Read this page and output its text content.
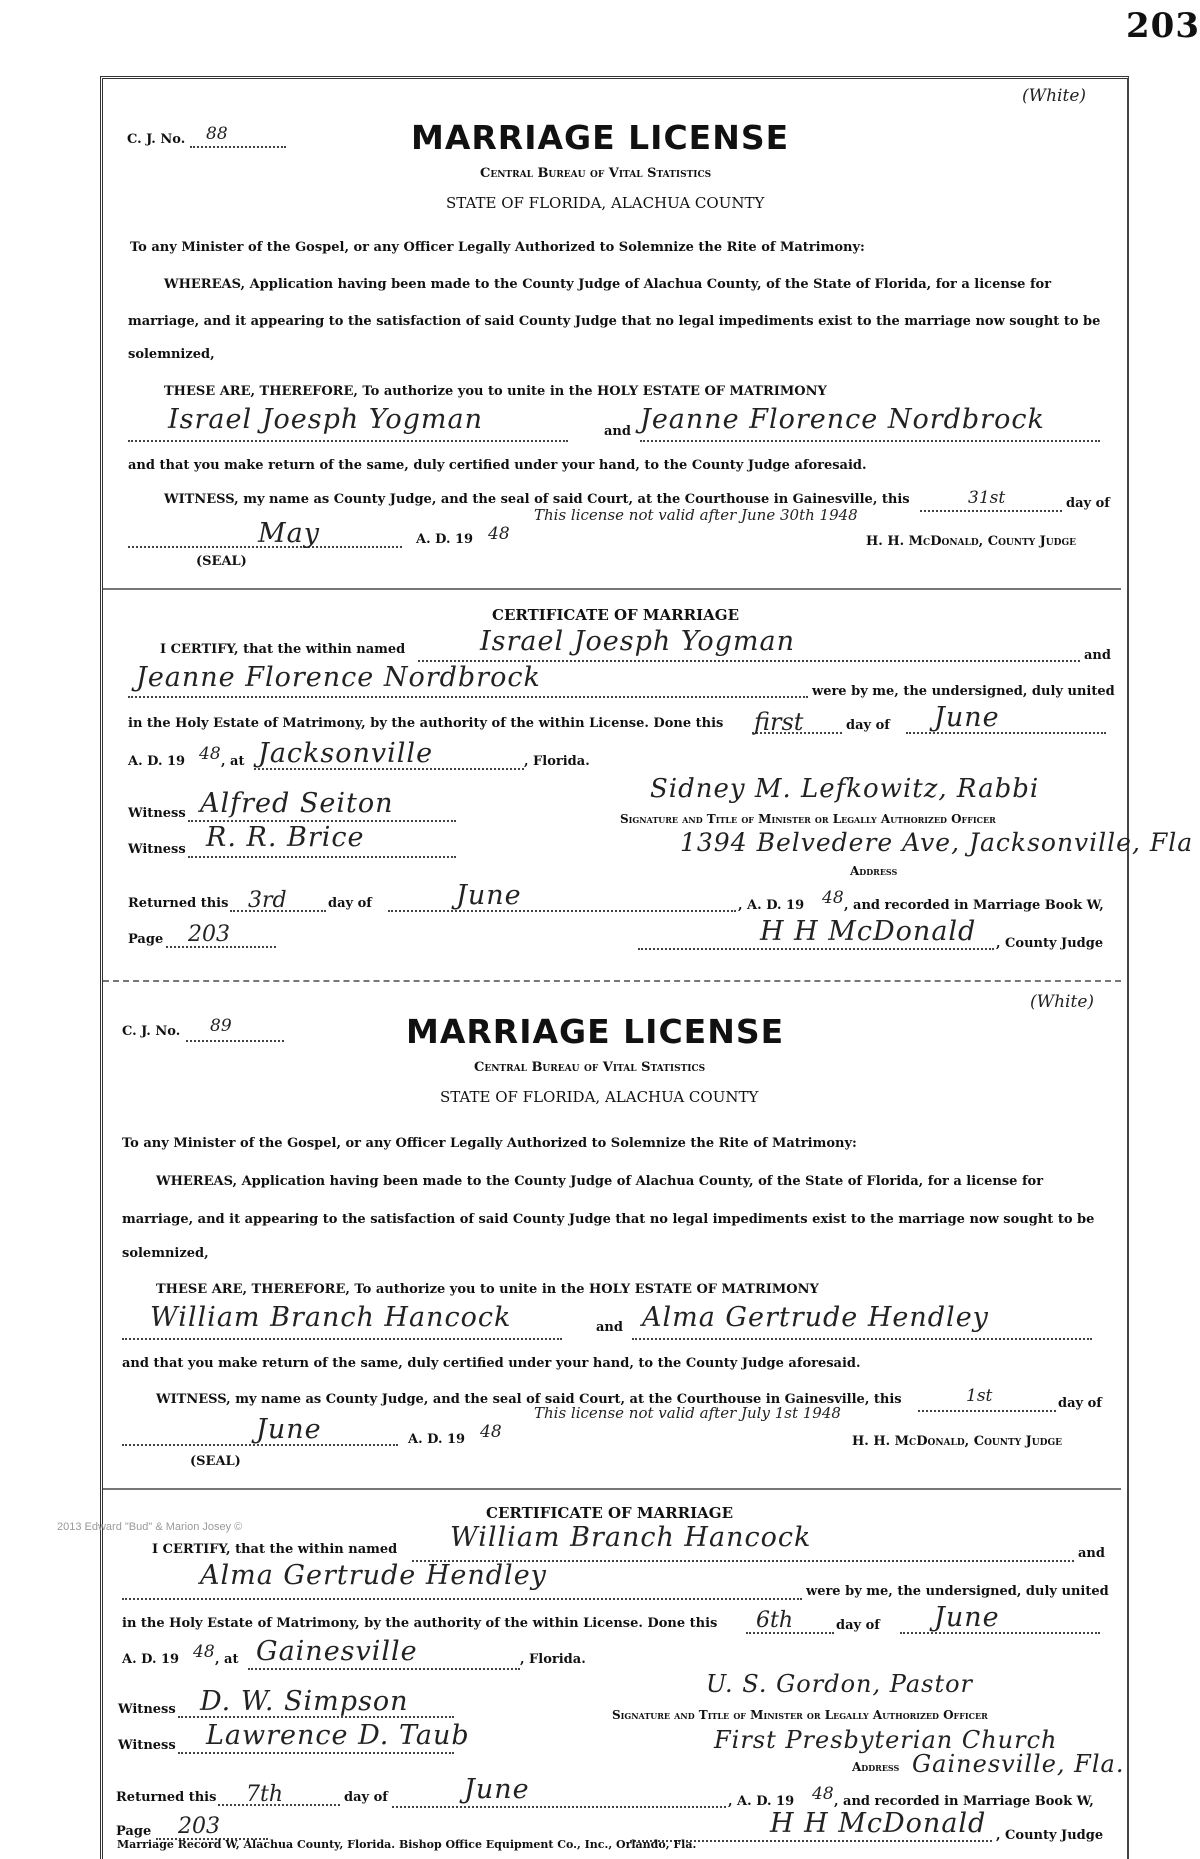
203
(White)
C. J. No. 88	MARRIAGE LICENSE
Central Bureau of Vital Statistics
STATE OF FLORIDA, ALACHUA COUNTY
To any Minister of the Gospel, or any Officer Legally Authorized to Solemnize the Rite of Matrimony:
WHEREAS, Application having been made to the County Judge of Alachua County, of the State of Florida, for a license for
marriage, and it appearing to the satisfaction of said County Judge that no legal impediments exist to the marriage now sought to be
solemnized,
THESE ARE, THEREFORE, To authorize you to unite in the HOLY ESTATE OF MATRIMONY
Israel Joesph Yogman	and Jeanne Florence Nordbrock
and that you make return of the same, duly certified under your hand, to the County Judge aforesaid.
WITNESS, my name as County Judge, and the seal of said Court, at the Courthouse in Gainesville, this	31st	day of
This license not valid after June 30th 1948
May	A. D. 19 48	H. H. McDonald, County Judge
(SEAL)
CERTIFICATE OF MARRIAGE
I CERTIFY, that the within named	Israel Joesph Yogman	and
Jeanne Florence Nordbrock	were by me, the undersigned, duly united
in the Holy Estate of Matrimony, by the authority of the within License. Done this first	day of June
A. D. 19 48 , at Jacksonville	, Florida.
Witness Alfred Seiton	Sidney M. Lefkowitz, Rabbi
Signature and Title of Minister or Legally Authorized Officer
Witness R. R. Brice	1394 Belvedere Ave, Jacksonville, Fla
Address
Returned this 3rd	day of	June	, A. D. 19 48 , and recorded in Marriage Book W,
Page 203	H H McDonald , County Judge
(White)
C. J. No. 89	MARRIAGE LICENSE
Central Bureau of Vital Statistics
STATE OF FLORIDA, ALACHUA COUNTY
To any Minister of the Gospel, or any Officer Legally Authorized to Solemnize the Rite of Matrimony:
WHEREAS, Application having been made to the County Judge of Alachua County, of the State of Florida, for a license for
marriage, and it appearing to the satisfaction of said County Judge that no legal impediments exist to the marriage now sought to be
solemnized,
THESE ARE, THEREFORE, To authorize you to unite in the HOLY ESTATE OF MATRIMONY
William Branch Hancock	and Alma Gertrude Hendley
and that you make return of the same, duly certified under your hand, to the County Judge aforesaid.
WITNESS, my name as County Judge, and the seal of said Court, at the Courthouse in Gainesville, this	1st	day of
This license not valid after July 1st 1948
June	A. D. 19 48	H. H. McDonald, County Judge
(SEAL)
CERTIFICATE OF MARRIAGE
I CERTIFY, that the within named William Branch Hancock
and
Alma Gertrude Hendley
were by me, the undersigned, duly united
in the Holy Estate of Matrimony, by the authority of the within License. Done this 6th	day of June
A. D. 19 48 , at Gainesville	, Florida.
Witness D. W. Simpson
U. S. Gordon, Pastor
Signature and Title of Minister or Legally Authorized Officer
Witness Lawrence D. Taub	First Presbyterian Church
Address Gainesville, Fla.
Returned this 7th	day of	June	, A. D. 19 48 , and recorded in Marriage Book W,
Page 203	H H McDonald , County Judge
2013 Edward "Bud" & Marion Josey ©
Marriage Record W, Alachua County, Florida. Bishop Office Equipment Co., Inc., Orlando, Fla.
